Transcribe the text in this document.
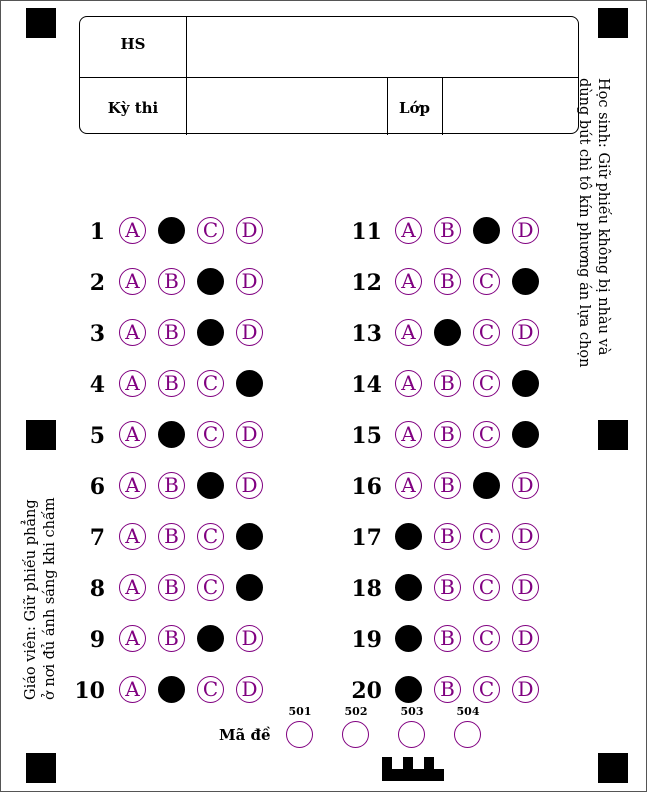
HS
Kỳ thi	Lớp	Học sinh: Giữ phiếu không bị nhàu và
dùng bút chì tô kín phương án lựa chọn
Giáo viên: Giữ phiếu phẳng ở nơi đủ ánh sáng khi chấm
1	A	B	C D
2	A	B	C D
3	A	B	C D
4	A	B	C D
5	A	B	C D
6	A	B	C D
7	A	B	C D
8	A	B	C D
9	A	B	C D
10	A	B	C D
11 A	B	C D
12 A	B	C D
13 A	B	C D
14 A	B	C D
15 A	B	C D
16 A	B	C D
17 A	B	C D
18 A	B	C D
19 A	B	C D
20 A	B	C D
Mã đề
501	502	503	504
